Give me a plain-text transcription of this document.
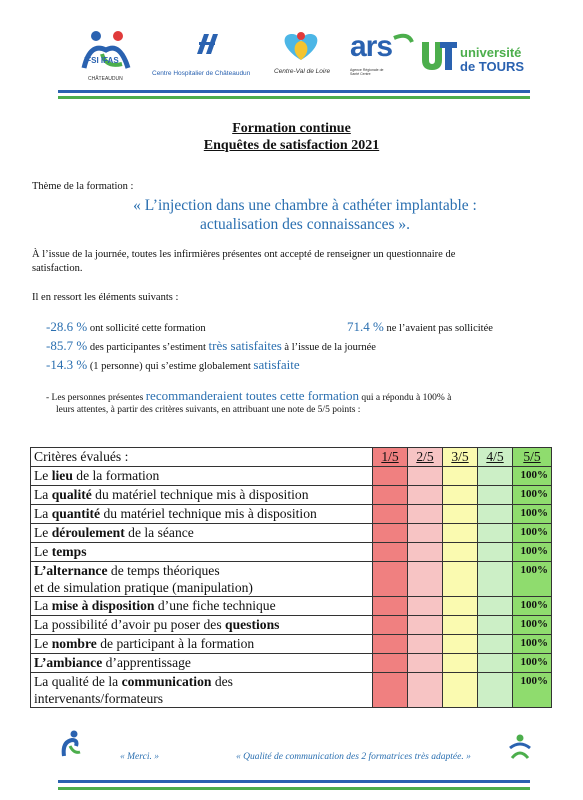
IFSI IFAS
CHÂTEAUDUN
Centre Hospitalier de Châteaudun	Centre-Val de Loire
ars
Agence Régionale de Santé Centre
université
de TOURS
Formation continue
Enquêtes de satisfaction 2021
Thème de la formation :
« L’injection dans une chambre à cathéter implantable :
actualisation des connaissances ».
À l’issue de la journée, toutes les infirmières présentes ont accepté de renseigner un questionnaire de
satisfaction.
Il en ressort les éléments suivants :
-28.6 % ont sollicité cette formation	71.4 % ne l’avaient pas sollicitée
-85.7 % des participantes s’estiment très satisfaites à l’issue de la journée
-14.3 % (1 personne) qui s’estime globalement satisfaite
- Les personnes présentes recommanderaient toutes cette formation qui a répondu à 100% à
leurs attentes, à partir des critères suivants, en attribuant une note de 5/5 points :
Critères évalués :	1/5	2/5	3/5	4/5	5/5
Le lieu de la formation					100%
La qualité du matériel technique mis à disposition					100%
La quantité du matériel technique mis à disposition					100%
Le déroulement de la séance					100%
Le temps					100%
L’alternance de temps théoriques
et de simulation pratique (manipulation)					100%
La mise à disposition d’une fiche technique					100%
La possibilité d’avoir pu poser des questions					100%
Le nombre de participant à la formation					100%
L’ambiance d’apprentissage					100%
La qualité de la communication des
intervenants/formateurs					100%
« Merci. »	« Qualité de communication des 2 formatrices très adaptée. »
